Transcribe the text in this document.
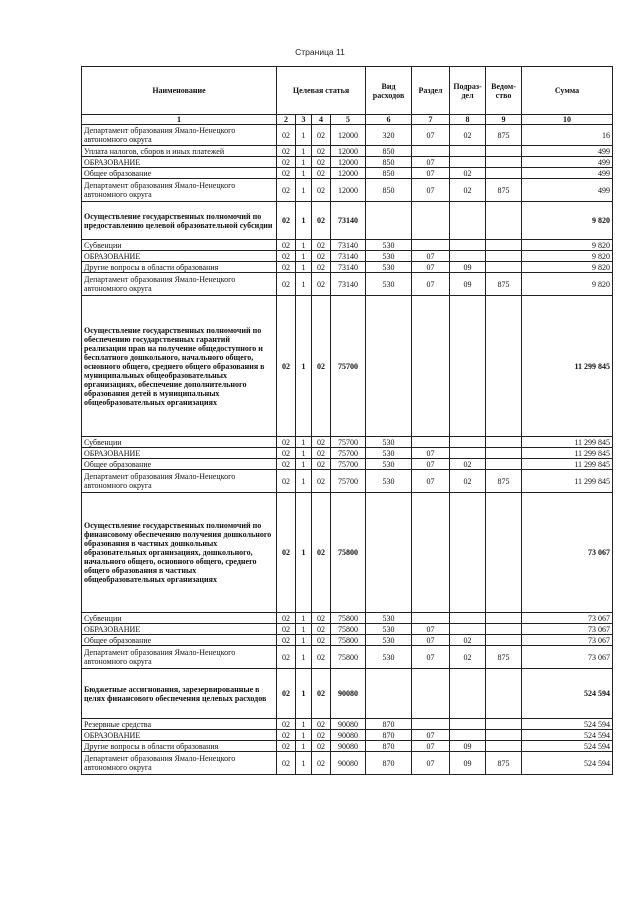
Страница 11
Наименование	Целевая статья				Вид расходов	Раздел	Подраз-дел	Ведом-ство	Сумма
1	2	3	4	5	6	7	8	9	10
Департамент образования Ямало-Ненецкого автономного округа	02	1	02	12000	320	07	02	875	16
Уплата налогов, сборов и иных платежей	02	1	02	12000	850				499
ОБРАЗОВАНИЕ	02	1	02	12000	850	07			499
Общее образование	02	1	02	12000	850	07	02		499
Департамент образования Ямало-Ненецкого автономного округа	02	1	02	12000	850	07	02	875	499
Осуществление государственных полномочий по предоставлению целевой образовательной субсидии	02	1	02	73140					9 820
Субвенции	02	1	02	73140	530				9 820
ОБРАЗОВАНИЕ	02	1	02	73140	530	07			9 820
Другие вопросы в области образования	02	1	02	73140	530	07	09		9 820
Департамент образования Ямало-Ненецкого автономного округа	02	1	02	73140	530	07	09	875	9 820
Осуществление государственных полномочий по обеспечению государственных гарантий реализации прав на получение общедоступного и бесплатного дошкольного, начального общего, основного общего, среднего общего образования в муниципальных общеобразовательных организациях, обеспечение дополнительного образования детей в муниципальных общеобразовательных организациях	02	1	02	75700					11 299 845
Субвенции	02	1	02	75700	530				11 299 845
ОБРАЗОВАНИЕ	02	1	02	75700	530	07			11 299 845
Общее образование	02	1	02	75700	530	07	02		11 299 845
Департамент образования Ямало-Ненецкого автономного округа	02	1	02	75700	530	07	02	875	11 299 845
Осуществление государственных полномочий по финансовому обеспечению получения дошкольного образования в частных дошкольных образовательных организациях, дошкольного, начального общего, основного общего, среднего общего образования в частных общеобразовательных организациях	02	1	02	75800					73 067
Субвенции	02	1	02	75800	530				73 067
ОБРАЗОВАНИЕ	02	1	02	75800	530	07			73 067
Общее образование	02	1	02	75800	530	07	02		73 067
Департамент образования Ямало-Ненецкого автономного округа	02	1	02	75800	530	07	02	875	73 067
Бюджетные ассигнования, зарезервированные в целях финансового обеспечения целевых расходов	02	1	02	90080					524 594
Резервные средства	02	1	02	90080	870				524 594
ОБРАЗОВАНИЕ	02	1	02	90080	870	07			524 594
Другие вопросы в области образования	02	1	02	90080	870	07	09		524 594
Департамент образования Ямало-Ненецкого автономного округа	02	1	02	90080	870	07	09	875	524 594
